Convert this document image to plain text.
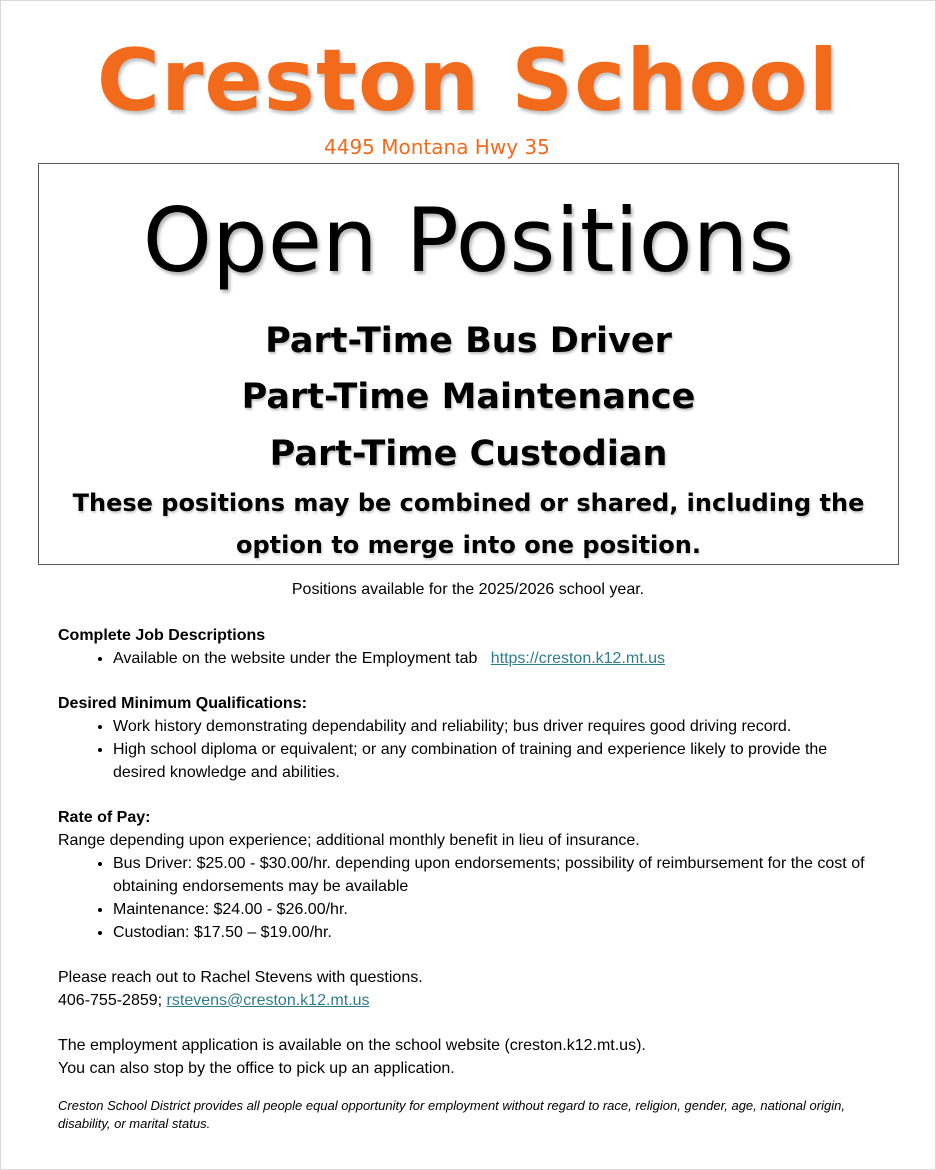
Creston School
4495 Montana Hwy 35
Open Positions
Part-Time Bus Driver
Part-Time Maintenance
Part-Time Custodian
These positions may be combined or shared, including the option to merge into one position.
Positions available for the 2025/2026 school year.
Complete Job Descriptions
• Available on the website under the Employment tab https://creston.k12.mt.us
Desired Minimum Qualifications:
• Work history demonstrating dependability and reliability; bus driver requires good driving record.
• High school diploma or equivalent; or any combination of training and experience likely to provide the desired knowledge and abilities.
Rate of Pay:
Range depending upon experience; additional monthly benefit in lieu of insurance.
• Bus Driver: $25.00 - $30.00/hr. depending upon endorsements; possibility of reimbursement for the cost of obtaining endorsements may be available
• Maintenance: $24.00 - $26.00/hr.
• Custodian: $17.50 – $19.00/hr.
Please reach out to Rachel Stevens with questions.
406-755-2859; rstevens@creston.k12.mt.us
The employment application is available on the school website (creston.k12.mt.us).
You can also stop by the office to pick up an application.
Creston School District provides all people equal opportunity for employment without regard to race, religion, gender, age, national origin, disability, or marital status.
